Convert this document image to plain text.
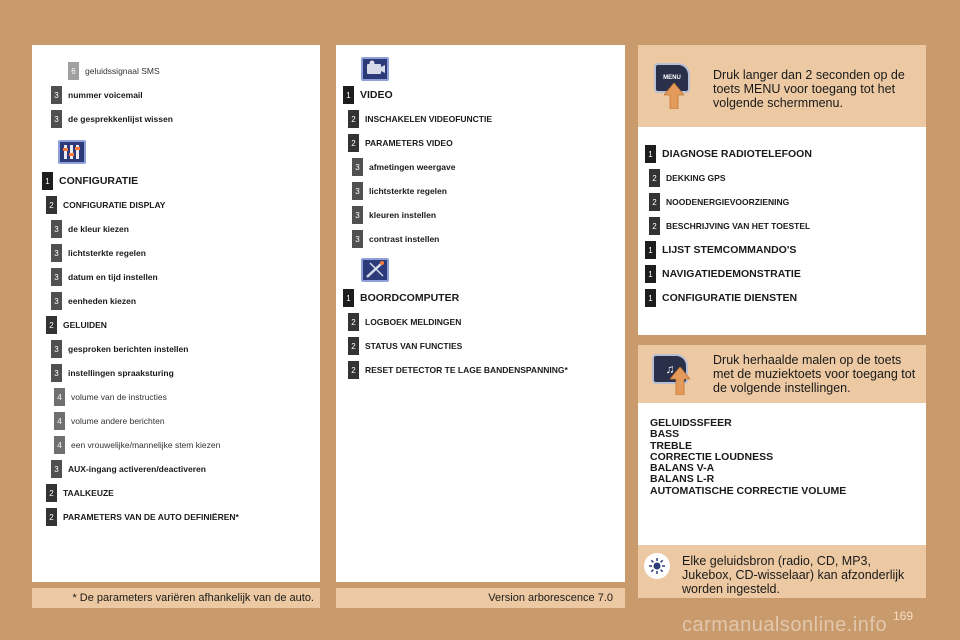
6	geluidssignaal SMS
3	nummer voicemail
3	de gesprekkenlijst wissen
1 CONFIGURATIE
2	CONFIGURATIE DISPLAY
3	de kleur kiezen
3	lichtsterkte regelen
3	datum en tijd instellen
3	eenheden kiezen
2	GELUIDEN
3	gesproken berichten instellen
3	instellingen spraaksturing
4	volume van de instructies
4	volume andere berichten
4	een vrouwelijke/mannelijke stem kiezen
3	AUX-ingang activeren/deactiveren
2	TAALKEUZE
2	PARAMETERS VAN DE AUTO DEFINIËREN*
1 VIDEO
2	INSCHAKELEN VIDEOFUNCTIE
2	PARAMETERS VIDEO
3	afmetingen weergave
3	lichtsterkte regelen
3	kleuren instellen
3	contrast instellen
1 BOORDCOMPUTER
2	LOGBOEK MELDINGEN
2	STATUS VAN FUNCTIES
2	RESET DETECTOR TE LAGE BANDENSPANNING*
MENU	Druk langer dan 2 seconden op de toets MENU voor toegang tot het volgende schermmenu.
1 DIAGNOSE RADIOTELEFOON
2	DEKKING GPS
2	NOODENERGIEVOORZIENING
2	BESCHRIJVING VAN HET TOESTEL
1 LIJST STEMCOMMANDO'S
1 NAVIGATIEDEMONSTRATIE
1 CONFIGURATIE DIENSTEN
♫
Druk herhaalde malen op de toets met de muziektoets voor toegang tot de volgende instellingen.
GELUIDSSFEER
BASS
TREBLE
CORRECTIE LOUDNESS
BALANS V-A
BALANS L-R
AUTOMATISCHE CORRECTIE VOLUME
Elke geluidsbron (radio, CD, MP3, Jukebox, CD-wisselaar) kan afzonderlijk worden ingesteld.
* De parameters variëren afhankelijk van de auto.	Version arborescence 7.0
169
carmanualsonline.info
